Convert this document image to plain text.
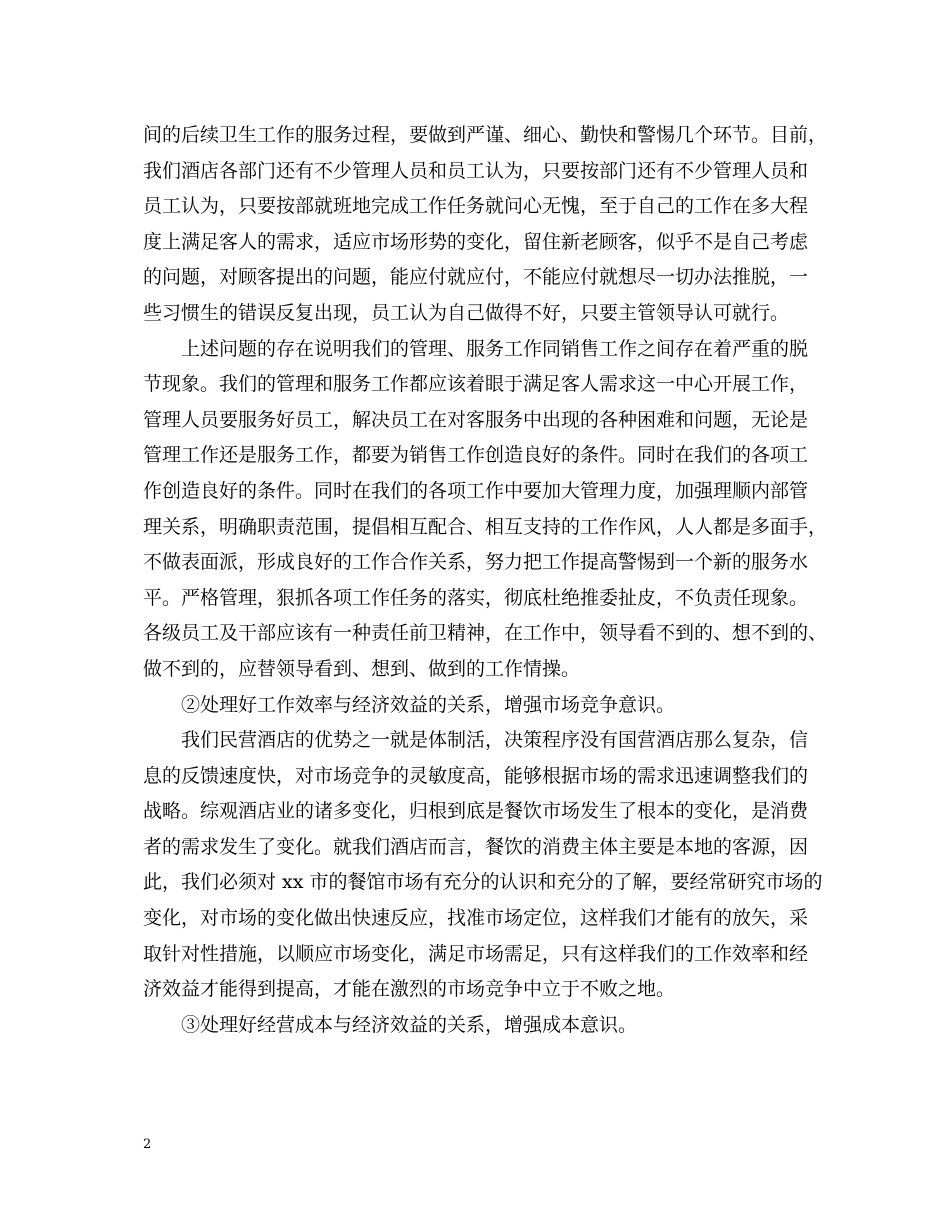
间的后续卫生工作的服务过程，要做到严谨、细心、勤快和警惕几个环节。目前，
我们酒店各部门还有不少管理人员和员工认为，只要按部门还有不少管理人员和
员工认为，只要按部就班地完成工作任务就问心无愧，至于自己的工作在多大程
度上满足客人的需求，适应市场形势的变化，留住新老顾客，似乎不是自己考虑
的问题，对顾客提出的问题，能应付就应付，不能应付就想尽一切办法推脱，一
些习惯生的错误反复出现，员工认为自己做得不好，只要主管领导认可就行。
上述问题的存在说明我们的管理、服务工作同销售工作之间存在着严重的脱
节现象。我们的管理和服务工作都应该着眼于满足客人需求这一中心开展工作，
管理人员要服务好员工，解决员工在对客服务中出现的各种困难和问题，无论是
管理工作还是服务工作，都要为销售工作创造良好的条件。同时在我们的各项工
作创造良好的条件。同时在我们的各项工作中要加大管理力度，加强理顺内部管
理关系，明确职责范围，提倡相互配合、相互支持的工作作风，人人都是多面手，
不做表面派，形成良好的工作合作关系，努力把工作提高警惕到一个新的服务水
平。严格管理，狠抓各项工作任务的落实，彻底杜绝推委扯皮，不负责任现象。
各级员工及干部应该有一种责任前卫精神，在工作中，领导看不到的、想不到的、
做不到的，应替领导看到、想到、做到的工作情操。
②处理好工作效率与经济效益的关系，增强市场竞争意识。
我们民营酒店的优势之一就是体制活，决策程序没有国营酒店那么复杂，信
息的反馈速度快，对市场竞争的灵敏度高，能够根据市场的需求迅速调整我们的
战略。综观酒店业的诸多变化，归根到底是餐饮市场发生了根本的变化，是消费
者的需求发生了变化。就我们酒店而言，餐饮的消费主体主要是本地的客源，因
此，我们必须对 xx 市的餐馆市场有充分的认识和充分的了解，要经常研究市场的
变化，对市场的变化做出快速反应，找准市场定位，这样我们才能有的放矢，采
取针对性措施，以顺应市场变化，满足市场需足，只有这样我们的工作效率和经
济效益才能得到提高，才能在激烈的市场竞争中立于不败之地。
③处理好经营成本与经济效益的关系，增强成本意识。
2
